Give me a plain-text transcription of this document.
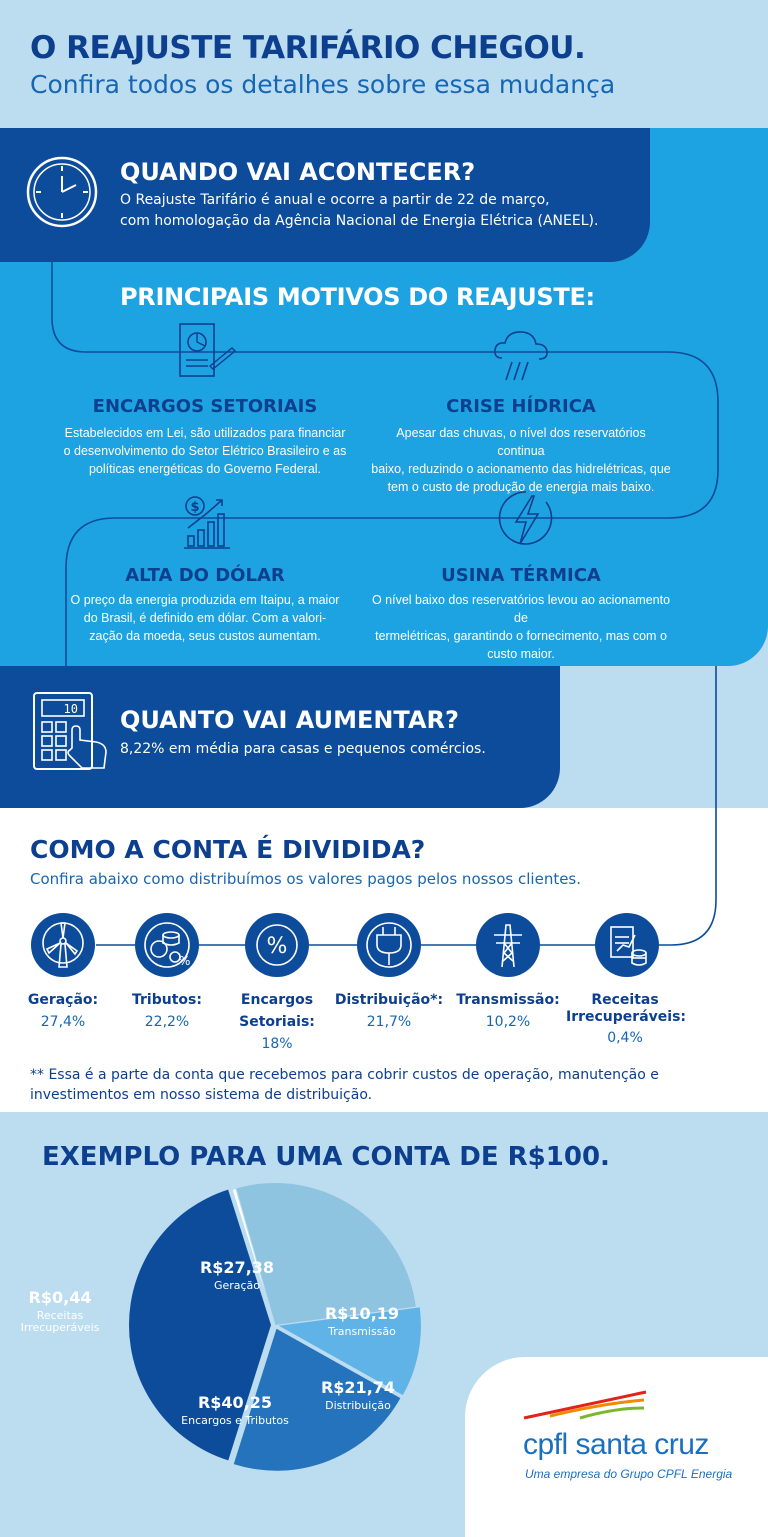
O REAJUSTE TARIFÁRIO CHEGOU.
Confira todos os detalhes sobre essa mudança
QUANDO VAI ACONTECER?
O Reajuste Tarifário é anual e ocorre a partir de 22 de março,
com homologação da Agência Nacional de Energia Elétrica (ANEEL).
PRINCIPAIS MOTIVOS DO REAJUSTE:
ENCARGOS SETORIAIS
Estabelecidos em Lei, são utilizados para financiar
o desenvolvimento do Setor Elétrico Brasileiro e as
políticas energéticas do Governo Federal.
CRISE HÍDRICA
Apesar das chuvas, o nível dos reservatórios continua
baixo, reduzindo o acionamento das hidrelétricas, que
tem o custo de produção de energia mais baixo.
$
ALTA DO DÓLAR
O preço da energia produzida em Itaipu, a maior
do Brasil, é definido em dólar. Com a valori-
zação da moeda, seus custos aumentam.
USINA TÉRMICA
O nível baixo dos reservatórios levou ao acionamento de
termelétricas, garantindo o fornecimento, mas com o
custo maior.
10 QUANTO VAI AUMENTAR?
8,22% em média para casas e pequenos comércios.
COMO A CONTA É DIVIDIDA?
Confira abaixo como distribuímos os valores pagos pelos nossos clientes.
%
%
Geração:
27,4%
Tributos:
22,2%
Encargos
Setoriais:
18%
Distribuição*:
21,7%
Transmissão:
10,2%
Receitas
Irrecuperáveis:
0,4%
** Essa é a parte da conta que recebemos para cobrir custos de operação, manutenção e investimentos em nosso sistema de distribuição.
EXEMPLO PARA UMA CONTA DE R$100.
R$27,38
Geração
R$10,19
Transmissão
R$21,74
Distribuição
R$40,25
Encargos e Tributos
R$0,44
Receitas
Irrecuperáveis
cpfl santa cruz
Uma empresa do Grupo CPFL Energia
